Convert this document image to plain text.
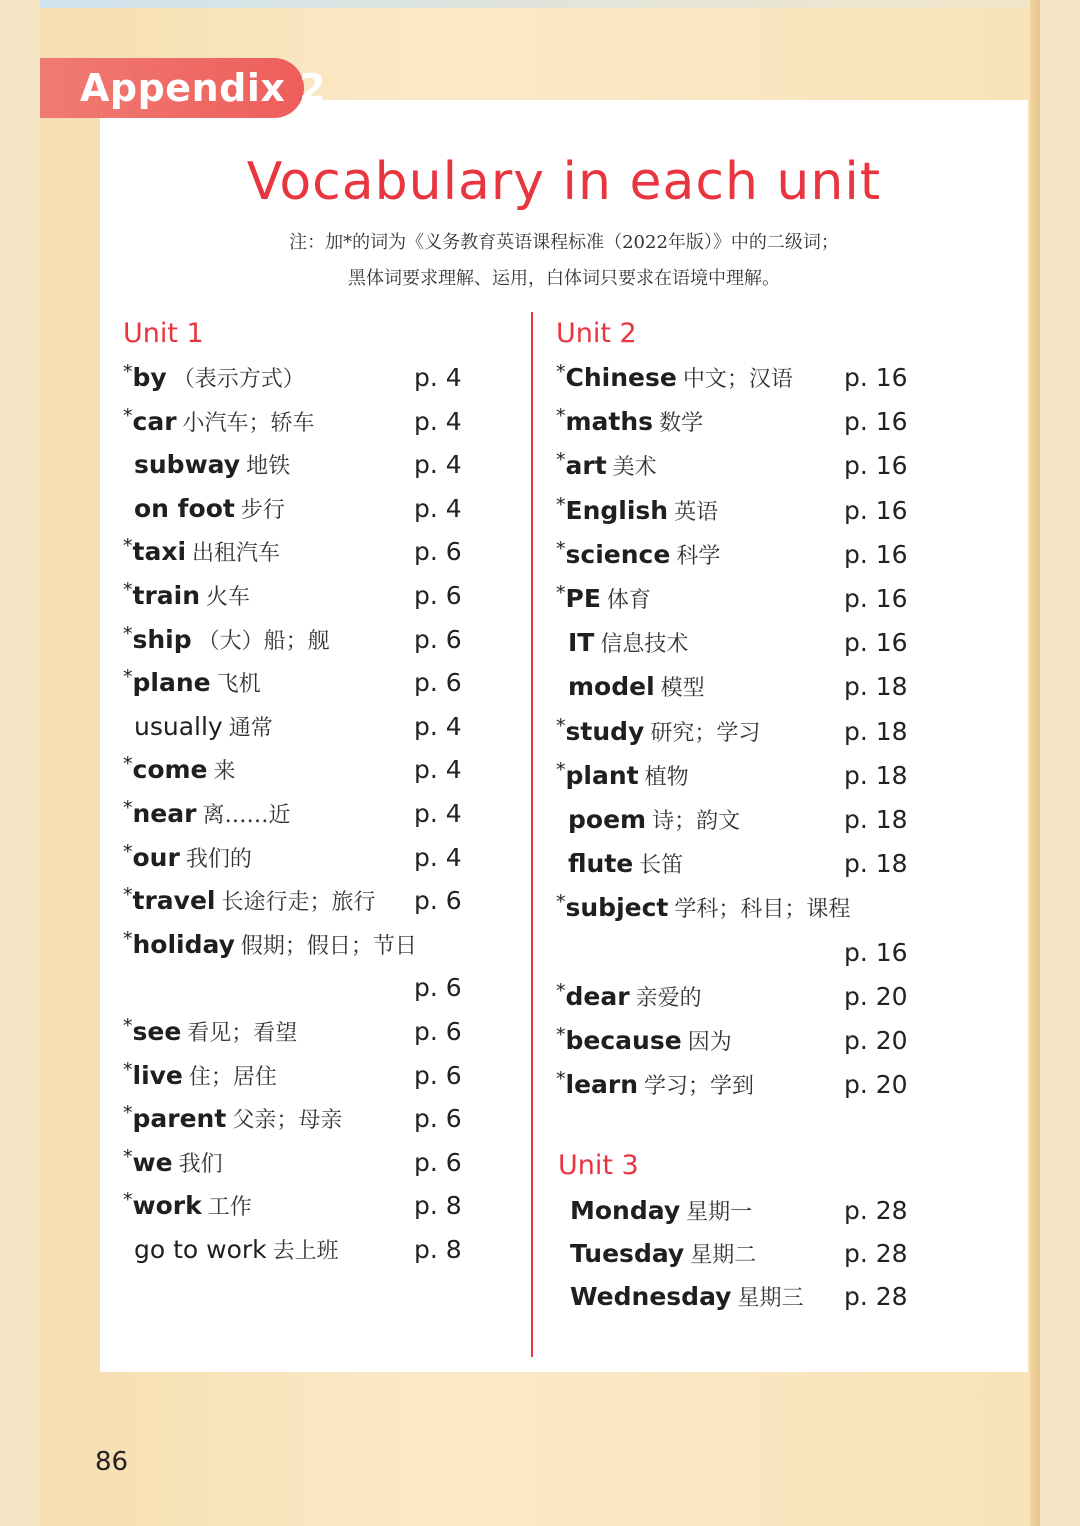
Appendix 2
Vocabulary in each unit
注：加*的词为《义务教育英语课程标准（2022年版）》中的二级词；
黑体词要求理解、运用，白体词只要求在语境中理解。
Unit 1
*by （表示方式）	p. 4
*car 小汽车；轿车	p. 4
subway 地铁	p. 4
on foot 步行	p. 4
*taxi 出租汽车	p. 6
*train 火车	p. 6
*ship （大）船；舰	p. 6
*plane 飞机	p. 6
usually 通常	p. 4
*come 来	p. 4
*near 离……近	p. 4
*our 我们的	p. 4
*travel 长途行走；旅行 p. 6
*holiday 假期；假日；节日
p. 6
*see 看见；看望	p. 6
*live 住；居住	p. 6
*parent 父亲；母亲	p. 6
*we 我们	p. 6
*work 工作	p. 8
go to work 去上班	p. 8
Unit 2
*Chinese 中文；汉语 p. 16
*maths 数学	p. 16
*art 美术	p. 16
*English 英语	p. 16
*science 科学	p. 16
*PE 体育	p. 16
IT 信息技术	p. 16
model 模型	p. 18
*study 研究；学习	p. 18
*plant 植物	p. 18
poem 诗；韵文	p. 18
flute 长笛	p. 18
*subject 学科；科目；课程
p. 16
*dear 亲爱的	p. 20
*because 因为	p. 20
*learn 学习；学到	p. 20
Unit 3
Monday 星期一	p. 28
Tuesday 星期二	p. 28
Wednesday 星期三 p. 28
86
